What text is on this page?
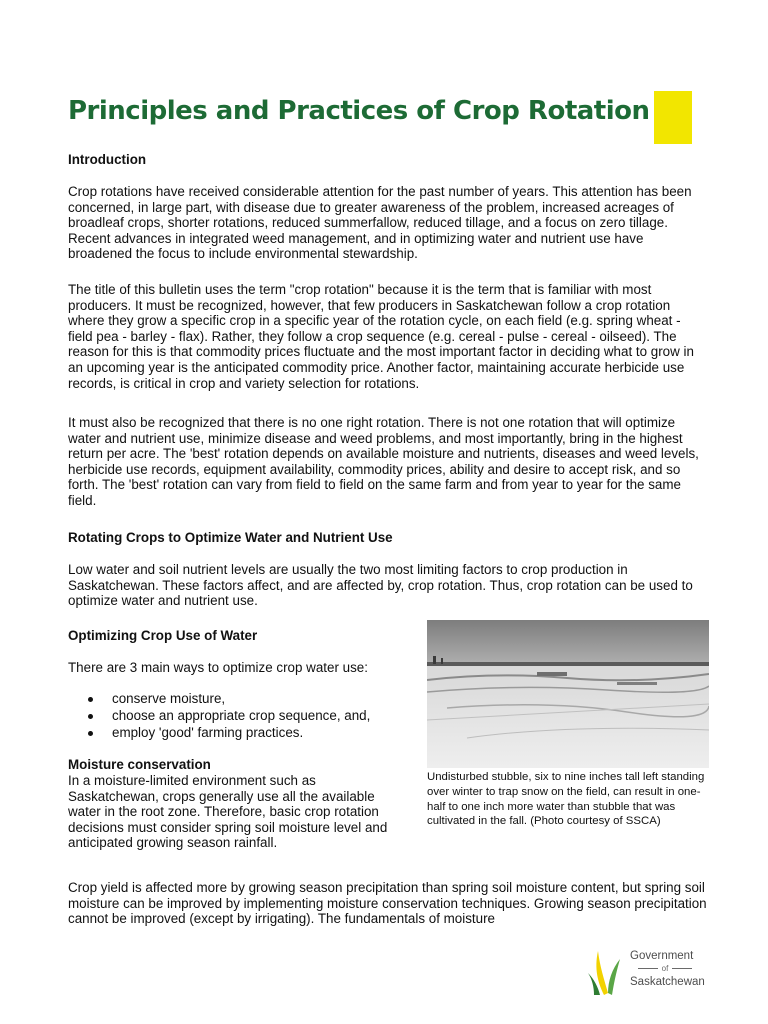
Principles and Practices of Crop Rotation
Introduction

Crop rotations have received considerable attention for the past number of years. This attention has been concerned, in large part, with disease due to greater awareness of the problem, increased acreages of broadleaf crops, shorter rotations, reduced summerfallow, reduced tillage, and a focus on zero tillage. Recent advances in integrated weed management, and in optimizing water and nutrient use have broadened the focus to include environmental stewardship.

The title of this bulletin uses the term "crop rotation" because it is the term that is familiar with most producers. It must be recognized, however, that few producers in Saskatchewan follow a crop rotation where they grow a specific crop in a specific year of the rotation cycle, on each field (e.g. spring wheat - field pea - barley - flax). Rather, they follow a crop sequence (e.g. cereal - pulse - cereal - oilseed). The reason for this is that commodity prices fluctuate and the most important factor in deciding what to grow in an upcoming year is the anticipated commodity price. Another factor, maintaining accurate herbicide use records, is critical in crop and variety selection for rotations.

It must also be recognized that there is no one right rotation. There is not one rotation that will optimize water and nutrient use, minimize disease and weed problems, and most importantly, bring in the highest return per acre. The 'best' rotation depends on available moisture and nutrients, diseases and weed levels, herbicide use records, equipment availability, commodity prices, ability and desire to accept risk, and so forth. The 'best' rotation can vary from field to field on the same farm and from year to year for the same field.

Rotating Crops to Optimize Water and Nutrient Use

Low water and soil nutrient levels are usually the two most limiting factors to crop production in Saskatchewan. These factors affect, and are affected by, crop rotation. Thus, crop rotation can be used to optimize water and nutrient use.

Optimizing Crop Use of Water

There are 3 main ways to optimize crop water use:

conserve moisture,
choose an appropriate crop sequence, and,
employ 'good' farming practices.
Moisture conservation

In a moisture-limited environment such as Saskatchewan, crops generally use all the available water in the root zone. Therefore, basic crop rotation decisions must consider spring soil moisture level and anticipated growing season rainfall.

Undisturbed stubble, six to nine inches tall left standing over winter to trap snow on the field, can result in one-half to one inch more water than stubble that was cultivated in the fall. (Photo courtesy of SSCA)

Crop yield is affected more by growing season precipitation than spring soil moisture content, but spring soil moisture can be improved by implementing moisture conservation techniques. Growing season precipitation cannot be improved (except by irrigating). The fundamentals of moisture

Government
of
Saskatchewan
